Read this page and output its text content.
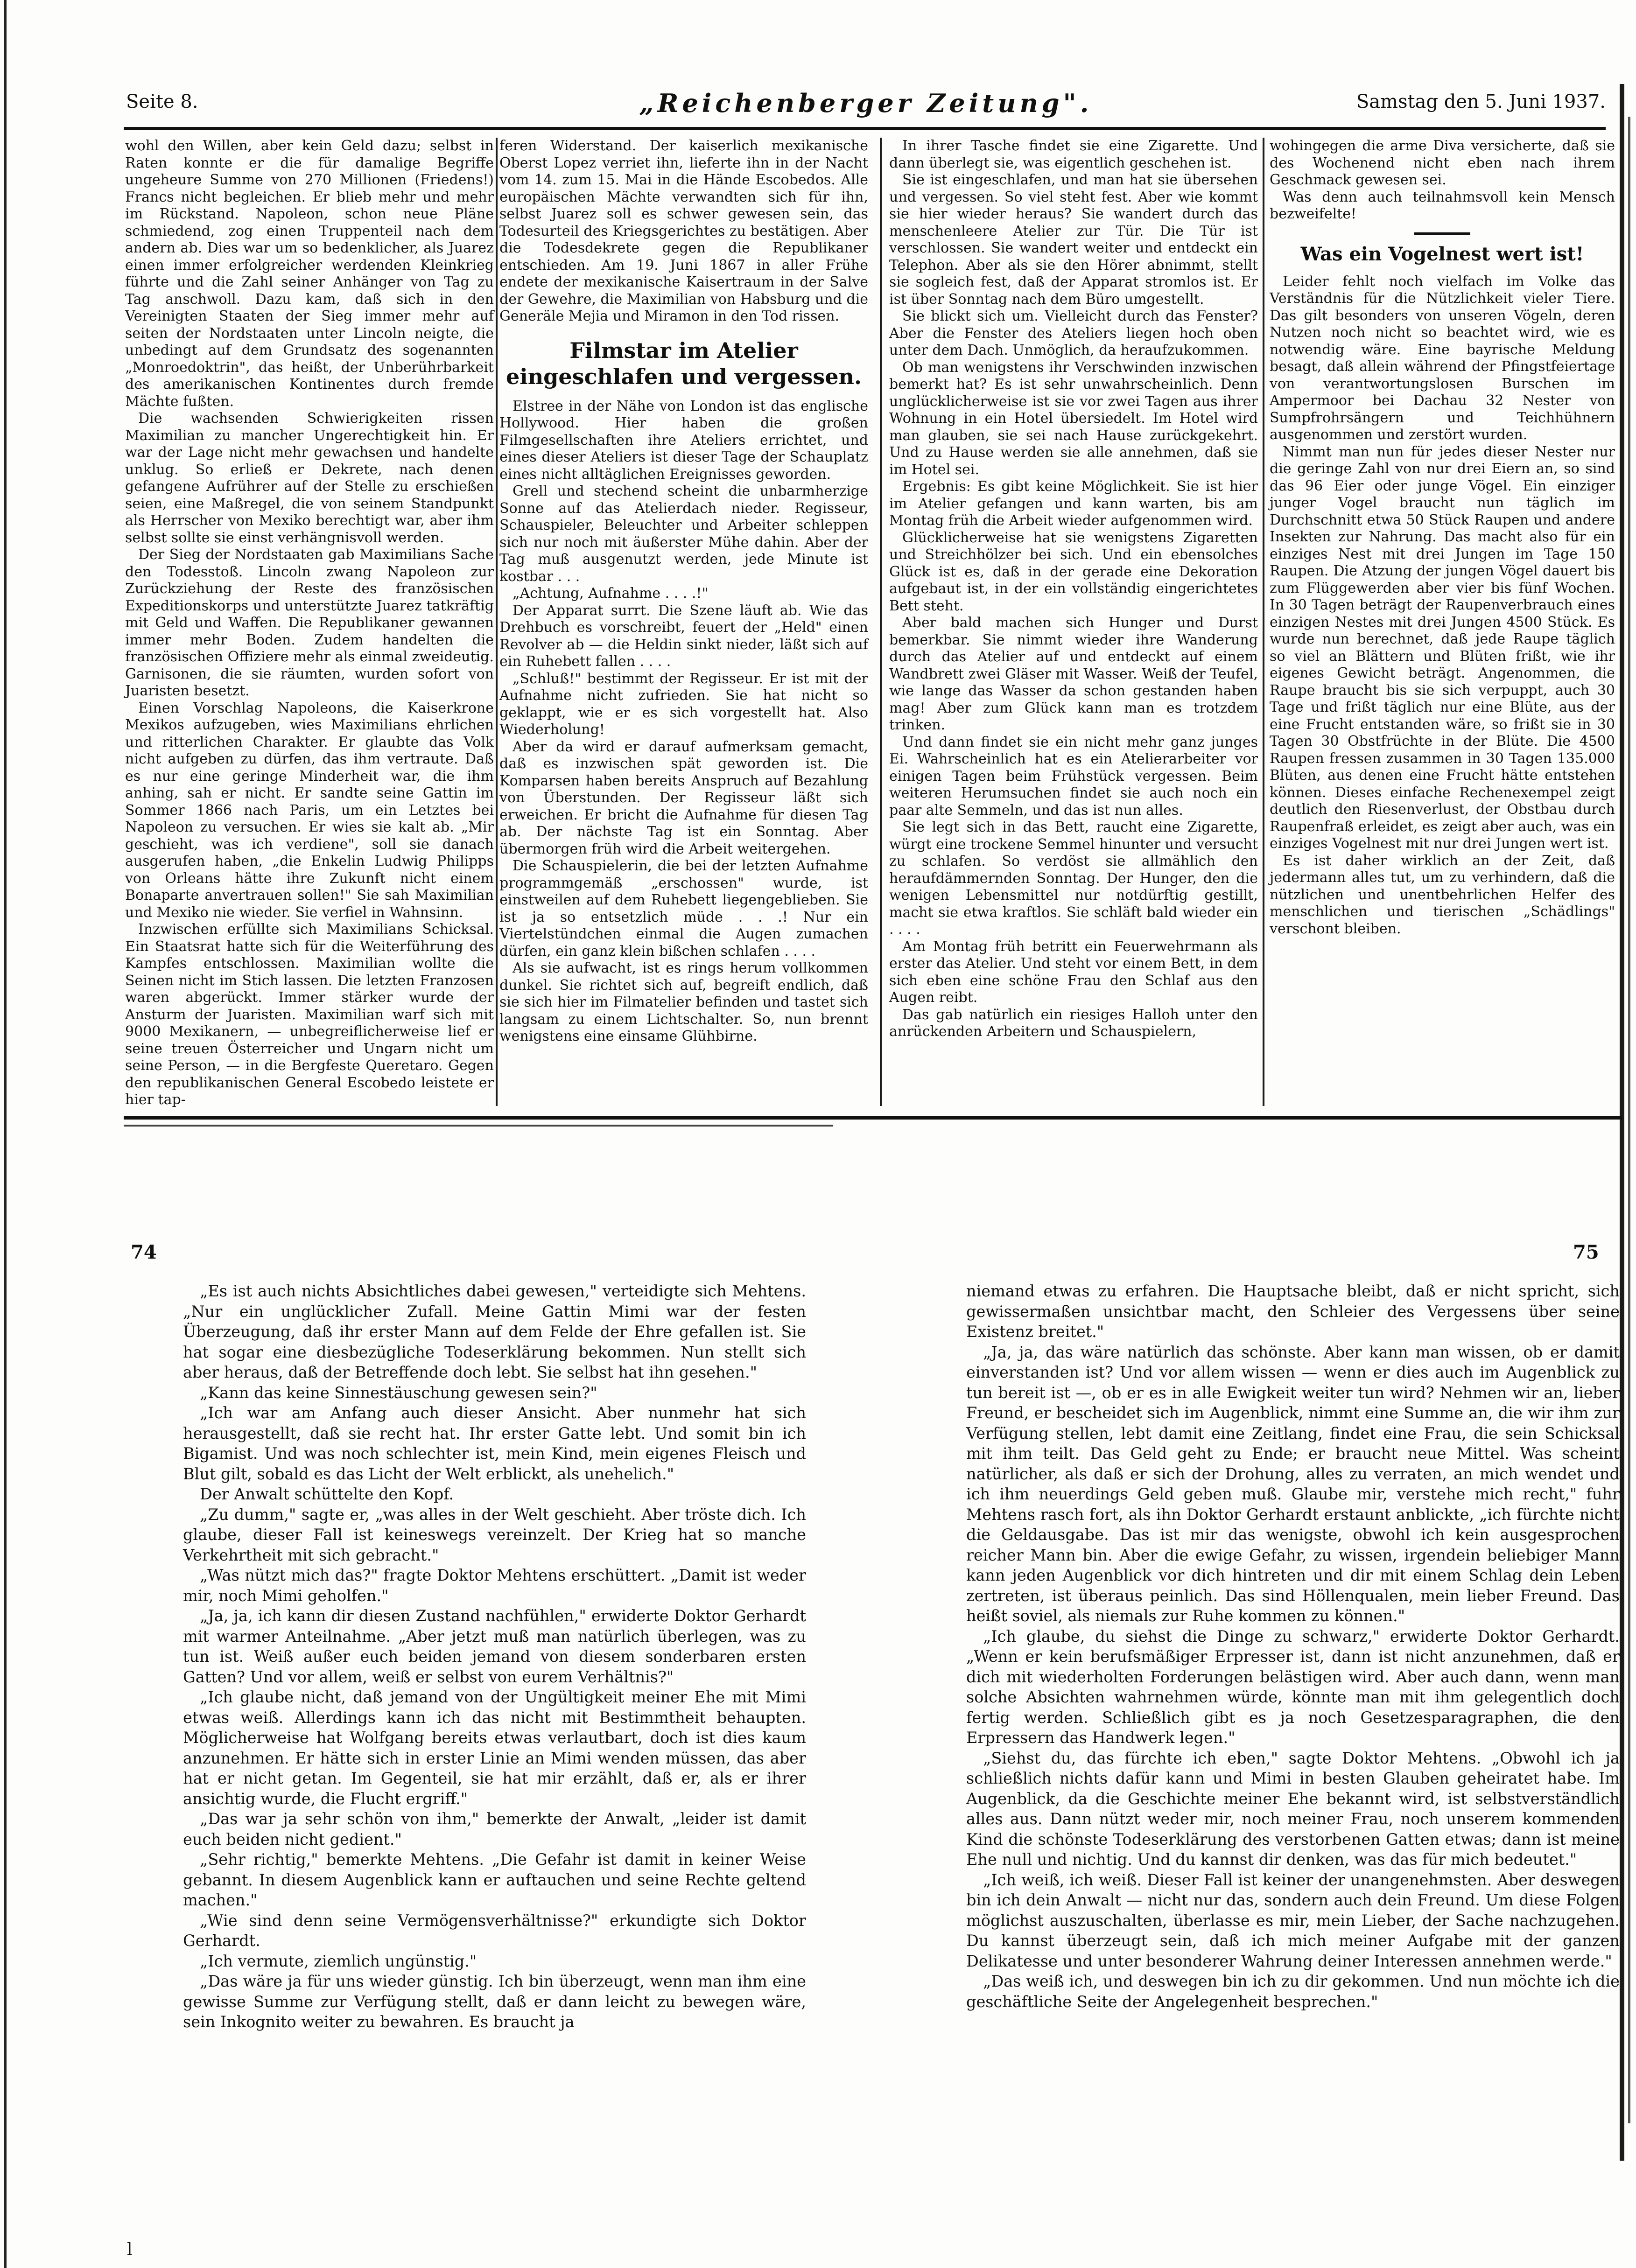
Seite 8.	„Reichenberger Zeitung".	Samstag den 5. Juni 1937.

wohl den Willen, aber kein Geld dazu; selbst in Raten konnte er die für damalige Begriffe ungeheure Summe von 270 Millionen (Friedens!) Francs nicht begleichen. Er blieb mehr und mehr im Rückstand. Napoleon, schon neue Pläne schmiedend, zog einen Truppenteil nach dem andern ab. Dies war um so bedenklicher, als Juarez einen immer erfolgreicher werdenden Kleinkrieg führte und die Zahl seiner Anhänger von Tag zu Tag anschwoll. Dazu kam, daß sich in den Vereinigten Staaten der Sieg immer mehr auf seiten der Nordstaaten unter Lincoln neigte, die unbedingt auf dem Grundsatz des sogenannten „Monroedoktrin", das heißt, der Unberührbarkeit des amerikanischen Kontinentes durch fremde Mächte fußten.

Die wachsenden Schwierigkeiten rissen Maximilian zu mancher Ungerechtigkeit hin. Er war der Lage nicht mehr gewachsen und handelte unklug. So erließ er Dekrete, nach denen gefangene Aufrührer auf der Stelle zu erschießen seien, eine Maßregel, die von seinem Standpunkt als Herrscher von Mexiko berechtigt war, aber ihm selbst sollte sie einst verhängnisvoll werden.

Der Sieg der Nordstaaten gab Maximilians Sache den Todesstoß. Lincoln zwang Napoleon zur Zurückziehung der Reste des französischen Expeditionskorps und unterstützte Juarez tatkräftig mit Geld und Waffen. Die Republikaner gewannen immer mehr Boden. Zudem handelten die französischen Offiziere mehr als einmal zweideutig. Garnisonen, die sie räumten, wurden sofort von Juaristen besetzt.

Einen Vorschlag Napoleons, die Kaiserkrone Mexikos aufzugeben, wies Maximilians ehrlichen und ritterlichen Charakter. Er glaubte das Volk nicht aufgeben zu dürfen, das ihm vertraute. Daß es nur eine geringe Minderheit war, die ihm anhing, sah er nicht. Er sandte seine Gattin im Sommer 1866 nach Paris, um ein Letztes bei Napoleon zu versuchen. Er wies sie kalt ab. „Mir geschieht, was ich verdiene", soll sie danach ausgerufen haben, „die Enkelin Ludwig Philipps von Orleans hätte ihre Zukunft nicht einem Bonaparte anvertrauen sollen!" Sie sah Maximilian und Mexiko nie wieder. Sie verfiel in Wahnsinn.

Inzwischen erfüllte sich Maximilians Schicksal. Ein Staatsrat hatte sich für die Weiterführung des Kampfes entschlossen. Maximilian wollte die Seinen nicht im Stich lassen. Die letzten Franzosen waren abgerückt. Immer stärker wurde der Ansturm der Juaristen. Maximilian warf sich mit 9000 Mexikanern, — unbegreiflicherweise lief er seine treuen Österreicher und Ungarn nicht um seine Person, — in die Bergfeste Queretaro. Gegen den republikanischen General Escobedo leistete er hier tap-

feren Widerstand. Der kaiserlich mexikanische Oberst Lopez verriet ihn, lieferte ihn in der Nacht vom 14. zum 15. Mai in die Hände Escobedos. Alle europäischen Mächte verwandten sich für ihn, selbst Juarez soll es schwer gewesen sein, das Todesurteil des Kriegsgerichtes zu bestätigen. Aber die Todesdekrete gegen die Republikaner entschieden. Am 19. Juni 1867 in aller Frühe endete der mexikanische Kaisertraum in der Salve der Gewehre, die Maximilian von Habsburg und die Generäle Mejia und Miramon in den Tod rissen.

Filmstar im Atelier eingeschlafen und vergessen.

Elstree in der Nähe von London ist das englische Hollywood. Hier haben die großen Filmgesellschaften ihre Ateliers errichtet, und eines dieser Ateliers ist dieser Tage der Schauplatz eines nicht alltäglichen Ereignisses geworden.

Grell und stechend scheint die unbarmherzige Sonne auf das Atelierdach nieder. Regisseur, Schauspieler, Beleuchter und Arbeiter schleppen sich nur noch mit äußerster Mühe dahin. Aber der Tag muß ausgenutzt werden, jede Minute ist kostbar . . .

„Achtung, Aufnahme . . . .!"

Der Apparat surrt. Die Szene läuft ab. Wie das Drehbuch es vorschreibt, feuert der „Held" einen Revolver ab — die Heldin sinkt nieder, läßt sich auf ein Ruhebett fallen . . . .

„Schluß!" bestimmt der Regisseur. Er ist mit der Aufnahme nicht zufrieden. Sie hat nicht so geklappt, wie er es sich vorgestellt hat. Also Wiederholung!

Aber da wird er darauf aufmerksam gemacht, daß es inzwischen spät geworden ist. Die Komparsen haben bereits Anspruch auf Bezahlung von Überstunden. Der Regisseur läßt sich erweichen. Er bricht die Aufnahme für diesen Tag ab. Der nächste Tag ist ein Sonntag. Aber übermorgen früh wird die Arbeit weitergehen.

Die Schauspielerin, die bei der letzten Aufnahme programmgemäß „erschossen" wurde, ist einstweilen auf dem Ruhebett liegengeblieben. Sie ist ja so entsetzlich müde . . .! Nur ein Viertelstündchen einmal die Augen zumachen dürfen, ein ganz klein bißchen schlafen . . . .

Als sie aufwacht, ist es rings herum vollkommen dunkel. Sie richtet sich auf, begreift endlich, daß sie sich hier im Filmatelier befinden und tastet sich langsam zu einem Lichtschalter. So, nun brennt wenigstens eine einsame Glühbirne.

In ihrer Tasche findet sie eine Zigarette. Und dann überlegt sie, was eigentlich geschehen ist.

Sie ist eingeschlafen, und man hat sie übersehen und vergessen. So viel steht fest. Aber wie kommt sie hier wieder heraus? Sie wandert durch das menschenleere Atelier zur Tür. Die Tür ist verschlossen. Sie wandert weiter und entdeckt ein Telephon. Aber als sie den Hörer abnimmt, stellt sie sogleich fest, daß der Apparat stromlos ist. Er ist über Sonntag nach dem Büro umgestellt.

Sie blickt sich um. Vielleicht durch das Fenster? Aber die Fenster des Ateliers liegen hoch oben unter dem Dach. Unmöglich, da heraufzukommen.

Ob man wenigstens ihr Verschwinden inzwischen bemerkt hat? Es ist sehr unwahrscheinlich. Denn unglücklicherweise ist sie vor zwei Tagen aus ihrer Wohnung in ein Hotel übersiedelt. Im Hotel wird man glauben, sie sei nach Hause zurückgekehrt. Und zu Hause werden sie alle annehmen, daß sie im Hotel sei.

Ergebnis: Es gibt keine Möglichkeit. Sie ist hier im Atelier gefangen und kann warten, bis am Montag früh die Arbeit wieder aufgenommen wird.

Glücklicherweise hat sie wenigstens Zigaretten und Streichhölzer bei sich. Und ein ebensolches Glück ist es, daß in der gerade eine Dekoration aufgebaut ist, in der ein vollständig eingerichtetes Bett steht.

Aber bald machen sich Hunger und Durst bemerkbar. Sie nimmt wieder ihre Wanderung durch das Atelier auf und entdeckt auf einem Wandbrett zwei Gläser mit Wasser. Weiß der Teufel, wie lange das Wasser da schon gestanden haben mag! Aber zum Glück kann man es trotzdem trinken.

Und dann findet sie ein nicht mehr ganz junges Ei. Wahrscheinlich hat es ein Atelierarbeiter vor einigen Tagen beim Frühstück vergessen. Beim weiteren Herumsuchen findet sie auch noch ein paar alte Semmeln, und das ist nun alles.

Sie legt sich in das Bett, raucht eine Zigarette, würgt eine trockene Semmel hinunter und versucht zu schlafen. So verdöst sie allmählich den heraufdämmernden Sonntag. Der Hunger, den die wenigen Lebensmittel nur notdürftig gestillt, macht sie etwa kraftlos. Sie schläft bald wieder ein . . . .

Am Montag früh betritt ein Feuerwehrmann als erster das Atelier. Und steht vor einem Bett, in dem sich eben eine schöne Frau den Schlaf aus den Augen reibt.

Das gab natürlich ein riesiges Halloh unter den anrückenden Arbeitern und Schauspielern,

wohingegen die arme Diva versicherte, daß sie des Wochenend nicht eben nach ihrem Geschmack gewesen sei.

Was denn auch teilnahmsvoll kein Mensch bezweifelte!

Was ein Vogelnest wert ist!

Leider fehlt noch vielfach im Volke das Verständnis für die Nützlichkeit vieler Tiere. Das gilt besonders von unseren Vögeln, deren Nutzen noch nicht so beachtet wird, wie es notwendig wäre. Eine bayrische Meldung besagt, daß allein während der Pfingstfeiertage von verantwortungslosen Burschen im Ampermoor bei Dachau 32 Nester von Sumpfrohrsängern und Teichhühnern ausgenommen und zerstört wurden.

Nimmt man nun für jedes dieser Nester nur die geringe Zahl von nur drei Eiern an, so sind das 96 Eier oder junge Vögel. Ein einziger junger Vogel braucht nun täglich im Durchschnitt etwa 50 Stück Raupen und andere Insekten zur Nahrung. Das macht also für ein einziges Nest mit drei Jungen im Tage 150 Raupen. Die Atzung der jungen Vögel dauert bis zum Flüggewerden aber vier bis fünf Wochen. In 30 Tagen beträgt der Raupenverbrauch eines einzigen Nestes mit drei Jungen 4500 Stück. Es wurde nun berechnet, daß jede Raupe täglich so viel an Blättern und Blüten frißt, wie ihr eigenes Gewicht beträgt. Angenommen, die Raupe braucht bis sie sich verpuppt, auch 30 Tage und frißt täglich nur eine Blüte, aus der eine Frucht entstanden wäre, so frißt sie in 30 Tagen 30 Obstfrüchte in der Blüte. Die 4500 Raupen fressen zusammen in 30 Tagen 135.000 Blüten, aus denen eine Frucht hätte entstehen können. Dieses einfache Rechenexempel zeigt deutlich den Riesenverlust, der Obstbau durch Raupenfraß erleidet, es zeigt aber auch, was ein einziges Vogelnest mit nur drei Jungen wert ist.

Es ist daher wirklich an der Zeit, daß jedermann alles tut, um zu verhindern, daß die nützlichen und unentbehrlichen Helfer des menschlichen und tierischen „Schädlings" verschont bleiben.

74	75

„Es ist auch nichts Absichtliches dabei gewesen," verteidigte sich Mehtens. „Nur ein unglücklicher Zufall. Meine Gattin Mimi war der festen Überzeugung, daß ihr erster Mann auf dem Felde der Ehre gefallen ist. Sie hat sogar eine diesbezügliche Todeserklärung bekommen. Nun stellt sich aber heraus, daß der Betreffende doch lebt. Sie selbst hat ihn gesehen."

„Kann das keine Sinnestäuschung gewesen sein?"

„Ich war am Anfang auch dieser Ansicht. Aber nunmehr hat sich herausgestellt, daß sie recht hat. Ihr erster Gatte lebt. Und somit bin ich Bigamist. Und was noch schlechter ist, mein Kind, mein eigenes Fleisch und Blut gilt, sobald es das Licht der Welt erblickt, als unehelich."

Der Anwalt schüttelte den Kopf.

„Zu dumm," sagte er, „was alles in der Welt geschieht. Aber tröste dich. Ich glaube, dieser Fall ist keineswegs vereinzelt. Der Krieg hat so manche Verkehrtheit mit sich gebracht."

„Was nützt mich das?" fragte Doktor Mehtens erschüttert. „Damit ist weder mir, noch Mimi geholfen."

„Ja, ja, ich kann dir diesen Zustand nachfühlen," erwiderte Doktor Gerhardt mit warmer Anteilnahme. „Aber jetzt muß man natürlich überlegen, was zu tun ist. Weiß außer euch beiden jemand von diesem sonderbaren ersten Gatten? Und vor allem, weiß er selbst von eurem Verhältnis?"

„Ich glaube nicht, daß jemand von der Ungültigkeit meiner Ehe mit Mimi etwas weiß. Allerdings kann ich das nicht mit Bestimmtheit behaupten. Möglicherweise hat Wolfgang bereits etwas verlautbart, doch ist dies kaum anzunehmen. Er hätte sich in erster Linie an Mimi wenden müssen, das aber hat er nicht getan. Im Gegenteil, sie hat mir erzählt, daß er, als er ihrer ansichtig wurde, die Flucht ergriff."

„Das war ja sehr schön von ihm," bemerkte der Anwalt, „leider ist damit euch beiden nicht gedient."

„Sehr richtig," bemerkte Mehtens. „Die Gefahr ist damit in keiner Weise gebannt. In diesem Augenblick kann er auftauchen und seine Rechte geltend machen."

„Wie sind denn seine Vermögensverhältnisse?" erkundigte sich Doktor Gerhardt.

„Ich vermute, ziemlich ungünstig."

„Das wäre ja für uns wieder günstig. Ich bin überzeugt, wenn man ihm eine gewisse Summe zur Verfügung stellt, daß er dann leicht zu bewegen wäre, sein Inkognito weiter zu bewahren. Es braucht ja

niemand etwas zu erfahren. Die Hauptsache bleibt, daß er nicht spricht, sich gewissermaßen unsichtbar macht, den Schleier des Vergessens über seine Existenz breitet."

„Ja, ja, das wäre natürlich das schönste. Aber kann man wissen, ob er damit einverstanden ist? Und vor allem wissen — wenn er dies auch im Augenblick zu tun bereit ist —, ob er es in alle Ewigkeit weiter tun wird? Nehmen wir an, lieber Freund, er bescheidet sich im Augenblick, nimmt eine Summe an, die wir ihm zur Verfügung stellen, lebt damit eine Zeitlang, findet eine Frau, die sein Schicksal mit ihm teilt. Das Geld geht zu Ende; er braucht neue Mittel. Was scheint natürlicher, als daß er sich der Drohung, alles zu verraten, an mich wendet und ich ihm neuerdings Geld geben muß. Glaube mir, verstehe mich recht," fuhr Mehtens rasch fort, als ihn Doktor Gerhardt erstaunt anblickte, „ich fürchte nicht die Geldausgabe. Das ist mir das wenigste, obwohl ich kein ausgesprochen reicher Mann bin. Aber die ewige Gefahr, zu wissen, irgendein beliebiger Mann kann jeden Augenblick vor dich hintreten und dir mit einem Schlag dein Leben zertreten, ist überaus peinlich. Das sind Höllenqualen, mein lieber Freund. Das heißt soviel, als niemals zur Ruhe kommen zu können."

„Ich glaube, du siehst die Dinge zu schwarz," erwiderte Doktor Gerhardt. „Wenn er kein berufsmäßiger Erpresser ist, dann ist nicht anzunehmen, daß er dich mit wiederholten Forderungen belästigen wird. Aber auch dann, wenn man solche Absichten wahrnehmen würde, könnte man mit ihm gelegentlich doch fertig werden. Schließlich gibt es ja noch Gesetzesparagraphen, die den Erpressern das Handwerk legen."

„Siehst du, das fürchte ich eben," sagte Doktor Mehtens. „Obwohl ich ja schließlich nichts dafür kann und Mimi in besten Glauben geheiratet habe. Im Augenblick, da die Geschichte meiner Ehe bekannt wird, ist selbstverständlich alles aus. Dann nützt weder mir, noch meiner Frau, noch unserem kommenden Kind die schönste Todeserklärung des verstorbenen Gatten etwas; dann ist meine Ehe null und nichtig. Und du kannst dir denken, was das für mich bedeutet."

„Ich weiß, ich weiß. Dieser Fall ist keiner der unangenehmsten. Aber deswegen bin ich dein Anwalt — nicht nur das, sondern auch dein Freund. Um diese Folgen möglichst auszuschalten, überlasse es mir, mein Lieber, der Sache nachzugehen. Du kannst überzeugt sein, daß ich mich meiner Aufgabe mit der ganzen Delikatesse und unter besonderer Wahrung deiner Interessen annehmen werde."

„Das weiß ich, und deswegen bin ich zu dir gekommen. Und nun möchte ich die geschäftliche Seite der Angelegenheit besprechen."

l
